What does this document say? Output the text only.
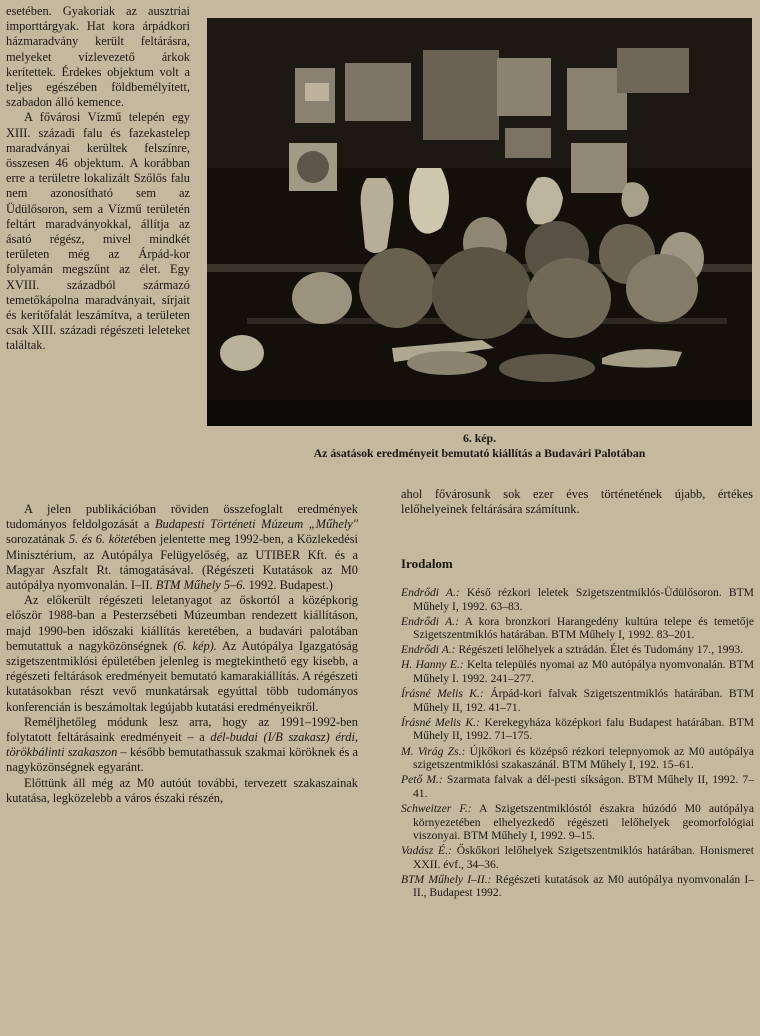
esetében. Gyakoriak az ausztriai importtárgyak. Hat kora árpádkori házmaradvány került feltárásra, melyeket vízlevezető árkok kerítettek. Érdekes objektum volt a teljes egészében földbemélyített, szabadon álló kemence.

A fővárosi Vízmű telepén egy XIII. századi falu és fazekastelep maradványai kerültek felszínre, összesen 46 objektum. A korábban erre a területre lokalizált Szőlős falu nem azonosítható sem az Üdülősoron, sem a Vízmű területén feltárt maradványokkal, állítja az ásató régész, mivel mindkét területen még az Árpád-kor folyamán megszűnt az élet. Egy XVIII. századból származó temetőkápolna maradványait, sírjait és kerítőfalát leszámítva, a területen csak XIII. századi régészeti leleteket találtak.

6. kép.
Az ásatások eredményeit bemutató kiállítás a Budavári Palotában

A jelen publikációban röviden összefoglalt eredmények tudományos feldolgozását a Budapesti Történeti Múzeum „Műhely" sorozatának 5. és 6. kötetében jelentette meg 1992-ben, a Közlekedési Minisztérium, az Autópálya Felügyelőség, az UTIBER Kft. és a Magyar Aszfalt Rt. támogatásával. (Régészeti Kutatások az M0 autópálya nyomvonalán. I–II. BTM Műhely 5–6. 1992. Budapest.)

Az előkerült régészeti leletanyagot az őskortól a középkorig először 1988-ban a Pesterzsébeti Múzeumban rendezett kiállításon, majd 1990-ben időszaki kiállítás keretében, a budavári palotában bemutattuk a nagyközönségnek (6. kép). Az Autópálya Igazgatóság szigetszentmiklósi épületében jelenleg is megtekinthető egy kisebb, a régészeti feltárások eredményeit bemutató kamarakiállítás. A régészeti kutatásokban részt vevő munkatársak egyúttal több tudományos konferencián is beszámoltak legújabb kutatási eredményeikről.

Reméljhetőleg módunk lesz arra, hogy az 1991–1992-ben folytatott feltárásaink eredményeit – a dél-budai (I/B szakasz) érdi, törökbálinti szakaszon – később bemutathassuk szakmai köröknek és a nagyközönségnek egyaránt.

Előttünk áll még az M0 autóút további, tervezett szakaszainak kutatása, legközelebb a város északi részén,

ahol fővárosunk sok ezer éves történetének újabb, értékes lelőhelyeinek feltárására számítunk.

Irodalom
Endrődi A.: Késő rézkori leletek Szigetszentmiklós-Üdülősoron. BTM Műhely I, 1992. 63–83.
Endrődi A.: A kora bronzkori Harangedény kultúra telepe és temetője Szigetszentmiklós határában. BTM Műhely I, 1992. 83–201.
Endrődi A.: Régészeti lelőhelyek a sztrádán. Élet és Tudomány 17., 1993.
H. Hanny E.: Kelta település nyomai az M0 autópálya nyomvonalán. BTM Műhely I. 1992. 241–277.
Írásné Melis K.: Árpád-kori falvak Szigetszentmiklós határában. BTM Műhely II, 192. 41–71.
Írásné Melis K.: Kerekegyháza középkori falu Budapest határában. BTM Műhely II, 1992. 71–175.
M. Virág Zs.: Újkőkori és középső rézkori telepnyomok az M0 autópálya szigetszentmiklósi szakaszánál. BTM Műhely I, 192. 15–61.
Pető M.: Szarmata falvak a dél-pesti síkságon. BTM Műhely II, 1992. 7–41.
Schweitzer F.: A Szigetszentmiklóstól északra húzódó M0 autópálya környezetében elhelyezkedő régészeti lelőhelyek geomorfológiai viszonyai. BTM Műhely I, 1992. 9–15.
Vadász É.: Őskőkori lelőhelyek Szigetszentmiklós határában. Honismeret XXII. évf., 34–36.
BTM Műhely I–II.: Régészeti kutatások az M0 autópálya nyomvonalán I–II., Budapest 1992.
